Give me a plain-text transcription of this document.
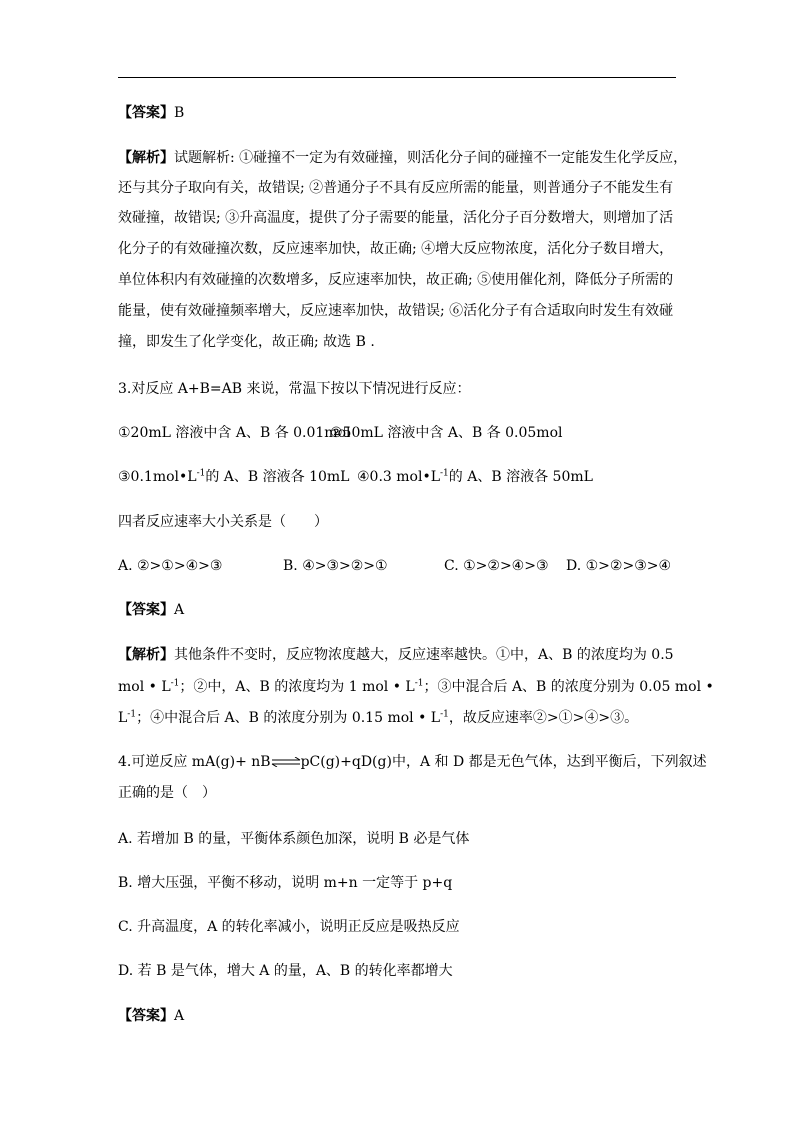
【答案】B
【解析】试题解析: ①碰撞不一定为有效碰撞，则活化分子间的碰撞不一定能发生化学反应，
还与其分子取向有关，故错误; ②普通分子不具有反应所需的能量，则普通分子不能发生有
效碰撞，故错误; ③升高温度，提供了分子需要的能量，活化分子百分数增大，则增加了活
化分子的有效碰撞次数，反应速率加快，故正确; ④增大反应物浓度，活化分子数目增大，
单位体积内有效碰撞的次数增多，反应速率加快，故正确; ⑤使用催化剂，降低分子所需的
能量，使有效碰撞频率增大，反应速率加快，故错误; ⑥活化分子有合适取向时发生有效碰
撞，即发生了化学变化，故正确; 故选 B .
3.对反应 A+B=AB 来说，常温下按以下情况进行反应：
①20mL 溶液中含 A、B 各 0.01mol
②50mL 溶液中含 A、B 各 0.05mol
$③0.1mol•L^{-1}$的 A、B 溶液各 10mL ④0.3 $mol•L^{-1}$的 A、B 溶液各 50mL
四者反应速率大小关系是（　　）
A. ②>①>④>③	B. ④>③>②>①	C. ①>②>④>③ D. ①>②>③>④
【答案】A
【解析】其他条件不变时，反应物浓度越大，反应速率越快。①中，A、B 的浓度均为 0.5
mol • $L^{-1}$；②中，A、B 的浓度均为 1 mol • $L^{-1}$；③中混合后 A、B 的浓度分别为 0.05 mol •
$L^{-1}$；④中混合后 A、B 的浓度分别为 0.15 mol • $L^{-1}$，故反应速率②>①>④>③。
4.可逆反应 mA(g)+ nB⇌pC(g)+qD(g)中，A 和 D 都是无色气体，达到平衡后，下列叙述
正确的是（　）
A. 若增加 B 的量，平衡体系颜色加深，说明 B 必是气体
B. 增大压强，平衡不移动，说明 m+n 一定等于 p+q
C. 升高温度，A 的转化率减小，说明正反应是吸热反应
D. 若 B 是气体，增大 A 的量，A、B 的转化率都增大
【答案】A
